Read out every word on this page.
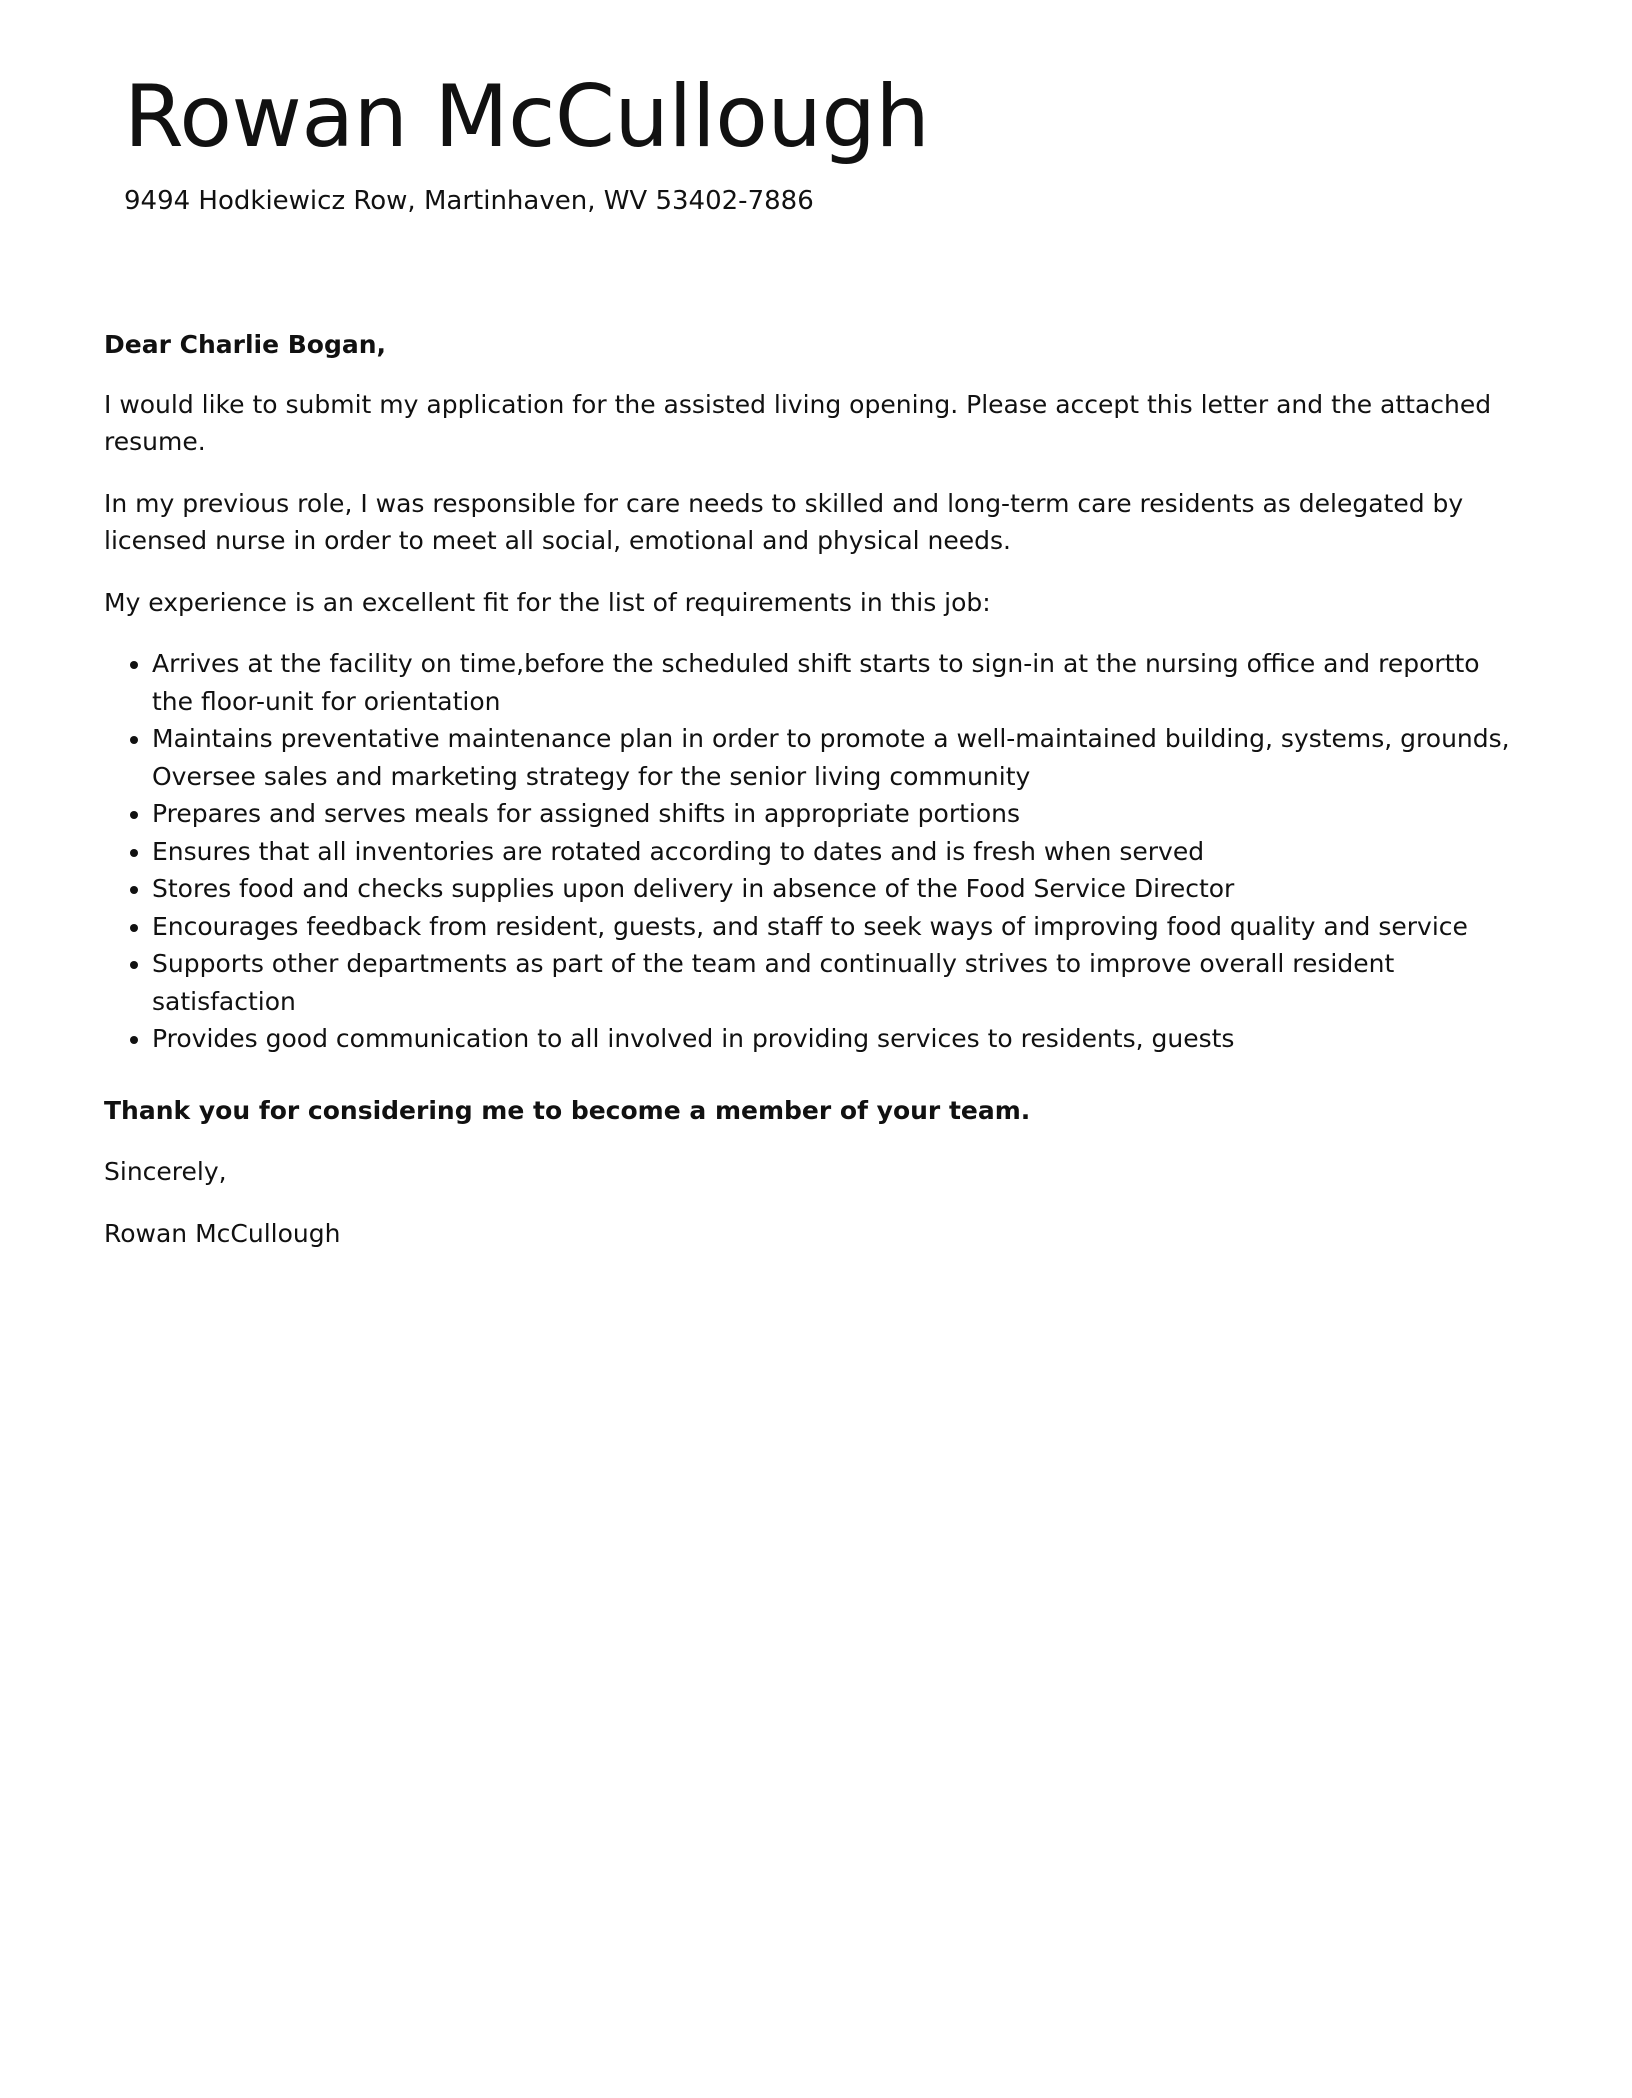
Rowan McCullough
9494 Hodkiewicz Row, Martinhaven, WV 53402-7886

Dear Charlie Bogan,

I would like to submit my application for the assisted living opening. Please accept this letter and the attached resume.

In my previous role, I was responsible for care needs to skilled and long-term care residents as delegated by licensed nurse in order to meet all social, emotional and physical needs.

My experience is an excellent fit for the list of requirements in this job:

• Arrives at the facility on time,before the scheduled shift starts to sign-in at the nursing office and reportto the floor-unit for orientation
• Maintains preventative maintenance plan in order to promote a well-maintained building, systems, grounds, Oversee sales and marketing strategy for the senior living community
• Prepares and serves meals for assigned shifts in appropriate portions
• Ensures that all inventories are rotated according to dates and is fresh when served
• Stores food and checks supplies upon delivery in absence of the Food Service Director
• Encourages feedback from resident, guests, and staff to seek ways of improving food quality and service
• Supports other departments as part of the team and continually strives to improve overall resident satisfaction
• Provides good communication to all involved in providing services to residents, guests

Thank you for considering me to become a member of your team.

Sincerely,

Rowan McCullough
